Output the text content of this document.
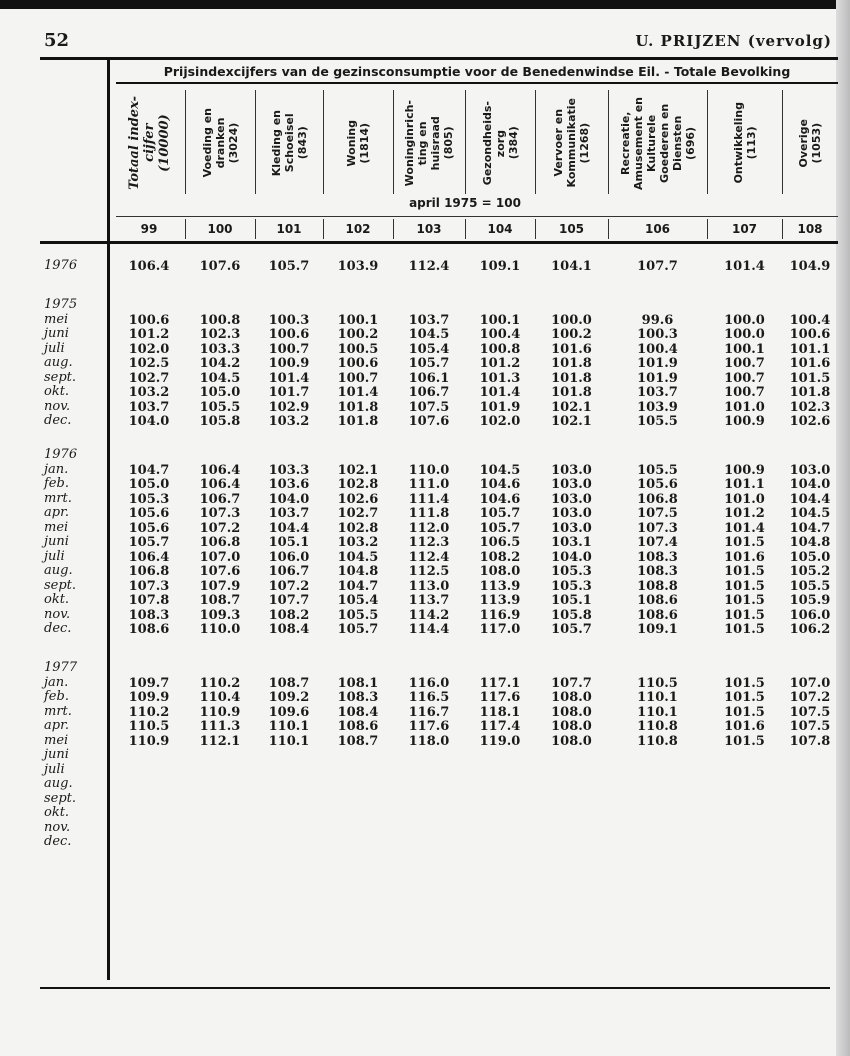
52	U. PRIJZEN (vervolg)
Prijsindexcijfers van de gezinsconsumptie voor de Benedenwindse Eil. - Totale Bevolking
Totaal index-
cijfer
(10000)
99
Voeding en
dranken
(3024)
100
Kleding en
Schoeisel
(843)
101
Woning
(1814)
102
Woninginrich-
ting en
huisraad
(805)
103
Gezondheids-
zorg
(384)
104
Vervoer en
Kommunikatie
(1268)
105
Recreatie,
Amusement en
Kulturele
Goederen en
Diensten
(696)
106
Ontwikkeling
(113)
107
Overige
(1053)
108
april 1975 = 100
1976	106.4	107.6	105.7	103.9	112.4	109.1	104.1	107.7	101.4	104.9
1975
mei	100.6	100.8	100.3	100.1	103.7	100.1	100.0	99.6	100.0	100.4
juni	101.2	102.3	100.6	100.2	104.5	100.4	100.2	100.3	100.0	100.6
juli	102.0	103.3	100.7	100.5	105.4	100.8	101.6	100.4	100.1	101.1
aug.	102.5	104.2	100.9	100.6	105.7	101.2	101.8	101.9	100.7	101.6
sept.	102.7	104.5	101.4	100.7	106.1	101.3	101.8	101.9	100.7	101.5
okt.	103.2	105.0	101.7	101.4	106.7	101.4	101.8	103.7	100.7	101.8
nov.	103.7	105.5	102.9	101.8	107.5	101.9	102.1	103.9	101.0	102.3
dec.	104.0	105.8	103.2	101.8	107.6	102.0	102.1	105.5	100.9	102.6
1976
jan.	104.7	106.4	103.3	102.1	110.0	104.5	103.0	105.5	100.9	103.0
feb.	105.0	106.4	103.6	102.8	111.0	104.6	103.0	105.6	101.1	104.0
mrt.	105.3	106.7	104.0	102.6	111.4	104.6	103.0	106.8	101.0	104.4
apr.	105.6	107.3	103.7	102.7	111.8	105.7	103.0	107.5	101.2	104.5
mei	105.6	107.2	104.4	102.8	112.0	105.7	103.0	107.3	101.4	104.7
juni	105.7	106.8	105.1	103.2	112.3	106.5	103.1	107.4	101.5	104.8
juli	106.4	107.0	106.0	104.5	112.4	108.2	104.0	108.3	101.6	105.0
aug.	106.8	107.6	106.7	104.8	112.5	108.0	105.3	108.3	101.5	105.2
sept.	107.3	107.9	107.2	104.7	113.0	113.9	105.3	108.8	101.5	105.5
okt.	107.8	108.7	107.7	105.4	113.7	113.9	105.1	108.6	101.5	105.9
nov.	108.3	109.3	108.2	105.5	114.2	116.9	105.8	108.6	101.5	106.0
dec.	108.6	110.0	108.4	105.7	114.4	117.0	105.7	109.1	101.5	106.2
1977
jan.	109.7	110.2	108.7	108.1	116.0	117.1	107.7	110.5	101.5	107.0
feb.	109.9	110.4	109.2	108.3	116.5	117.6	108.0	110.1	101.5	107.2
mrt.	110.2	110.9	109.6	108.4	116.7	118.1	108.0	110.1	101.5	107.5
apr.	110.5	111.3	110.1	108.6	117.6	117.4	108.0	110.8	101.6	107.5
mei	110.9	112.1	110.1	108.7	118.0	119.0	108.0	110.8	101.5	107.8
juni
juli
aug.
sept.
okt.
nov.
dec.
